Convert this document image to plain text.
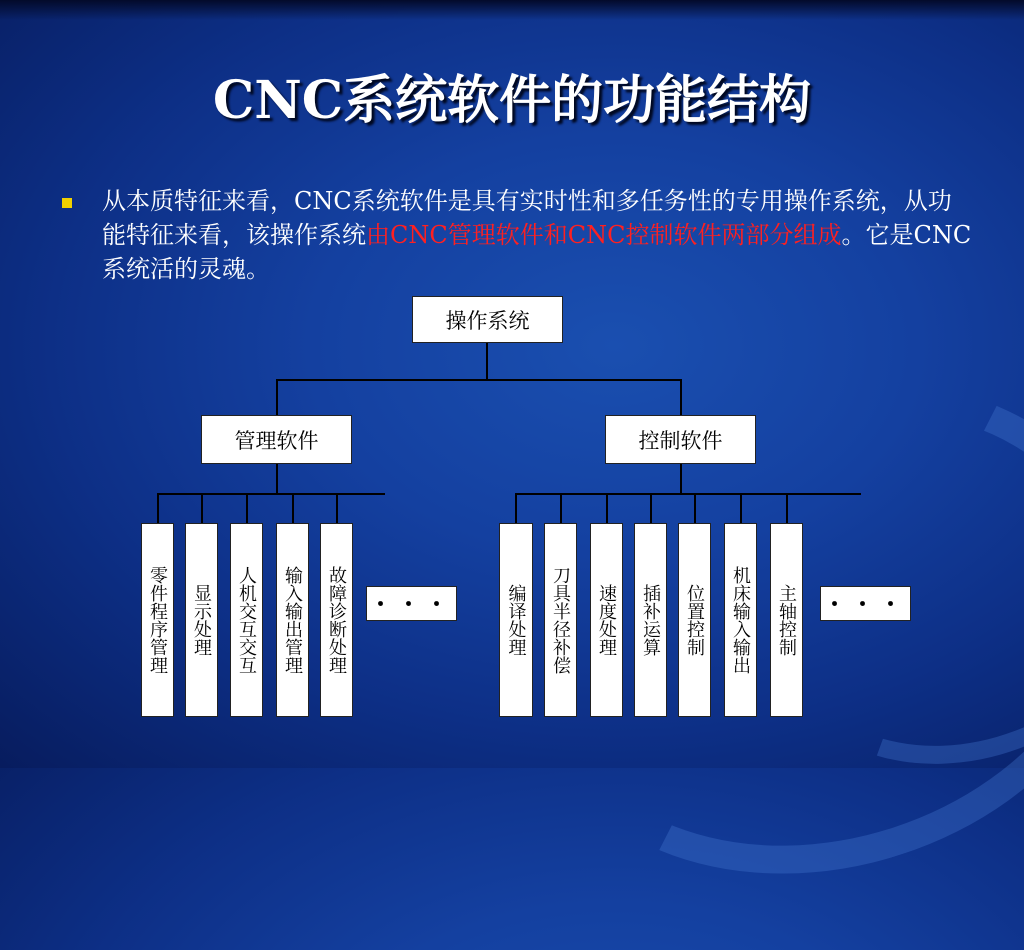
CNC系统软件的功能结构
从本质特征来看，CNC系统软件是具有实时性和多任务性的专用操作系统，从功能特征来看，该操作系统由CNC管理软件和CNC控制软件两部分组成。它是CNC系统活的灵魂。
操作系统
管理软件	控制软件
零件程序管理	显示处理	人机交互交互	输入输出管理	故障诊断处理 ・・・	编译处理	刀具半径补偿	速度处理	插补运算	位置控制	机床输入输出	主轴控制 ・・・
